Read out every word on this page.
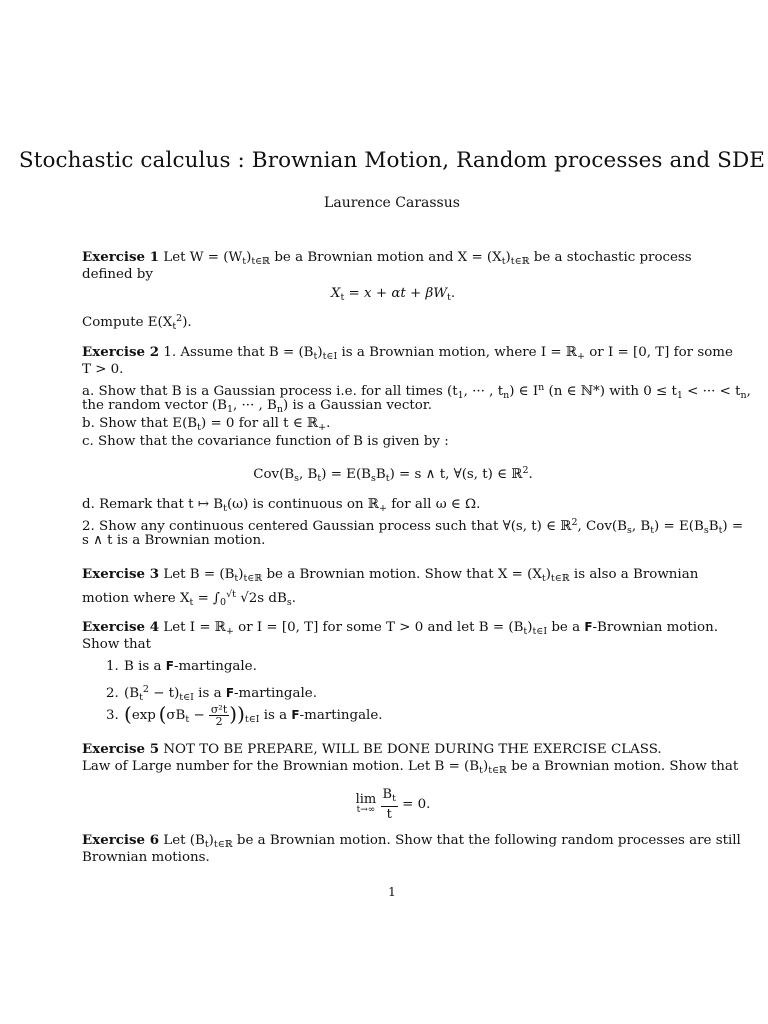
Stochastic calculus : Brownian Motion, Random processes and SDE
Laurence Carassus
Exercise 1 Let $W = (W_t)_{t\in ℝ}$ be a Brownian motion and $X = (X_t)_{t\in ℝ}$ be a stochastic process
defined by
$X_t = x + \alpha t + \beta W_t$.
Compute $E(X_t^2)$.
Exercise 2 1. Assume that $B = (B_t)_{t\in I}$ is a Brownian motion, where I = ℝ$_+$ or I = [0, T] for some
T > 0.
a. Show that B is a Gaussian process i.e. for all times ($t_1$, ··· , $t_n$) ∈ $I^n$ (n ∈ ℕ*) with $0 \le t_1$ < ··· < $t_n$,
the random vector ($B_1$, ··· , $B_n$) is a Gaussian vector.
b. Show that $E(B_t) = 0$ for all t ∈ ℝ$_+$.
c. Show that the covariance function of B is given by :
$Cov(B_s$, $B_t) = E(B_sB_t) = s$ ∧ t, ∀(s, t) ∈ ℝ$^2$.
d. Remark that t ↦ $B_t(\omega)$ is continuous on ℝ$_+$ for all ω ∈ Ω.
2. Show any continuous centered Gaussian process such that ∀(s, t) ∈ ℝ$^2$, $Cov(B_s$, $B_t) = E(B_sB_t)$ =
s ∧ t is a Brownian motion.
Exercise 3 Let $B = (B_t)_{t\in ℝ}$ be a Brownian motion. Show that $X = (X_t)_{t\in ℝ}$ is also a Brownian
motion where $X_t = \int_0^{√t}$ √2s $dB_s$.
Exercise 4 Let I = ℝ$_+$ or I = [0, T] for some T > 0 and let $B = (B_t)_{t\in I}$ be a F-Brownian motion.
Show that
1. B is a F-martingale.
2. $(B_t^2 - t)_{t\in I}$ is a F-martingale.
3. (exp  $(\sigma B_t - \frac{\text{σ²t}}{2} ))_{t\in I}$ is a F-martingale.
Exercise 5 NOT TO BE PREPARE, WILL BE DONE DURING THE EXERCISE CLASS.
Law of Large number for the Brownian motion. Let $B = (B_t)_{t\in ℝ}$ be a Brownian motion. Show that
lim
t→∞
$\frac{B_t}{t} = 0$.
Exercise 6 Let $(B_t)_{t\in ℝ}$ be a Brownian motion. Show that the following random processes are still
Brownian motions.
1
